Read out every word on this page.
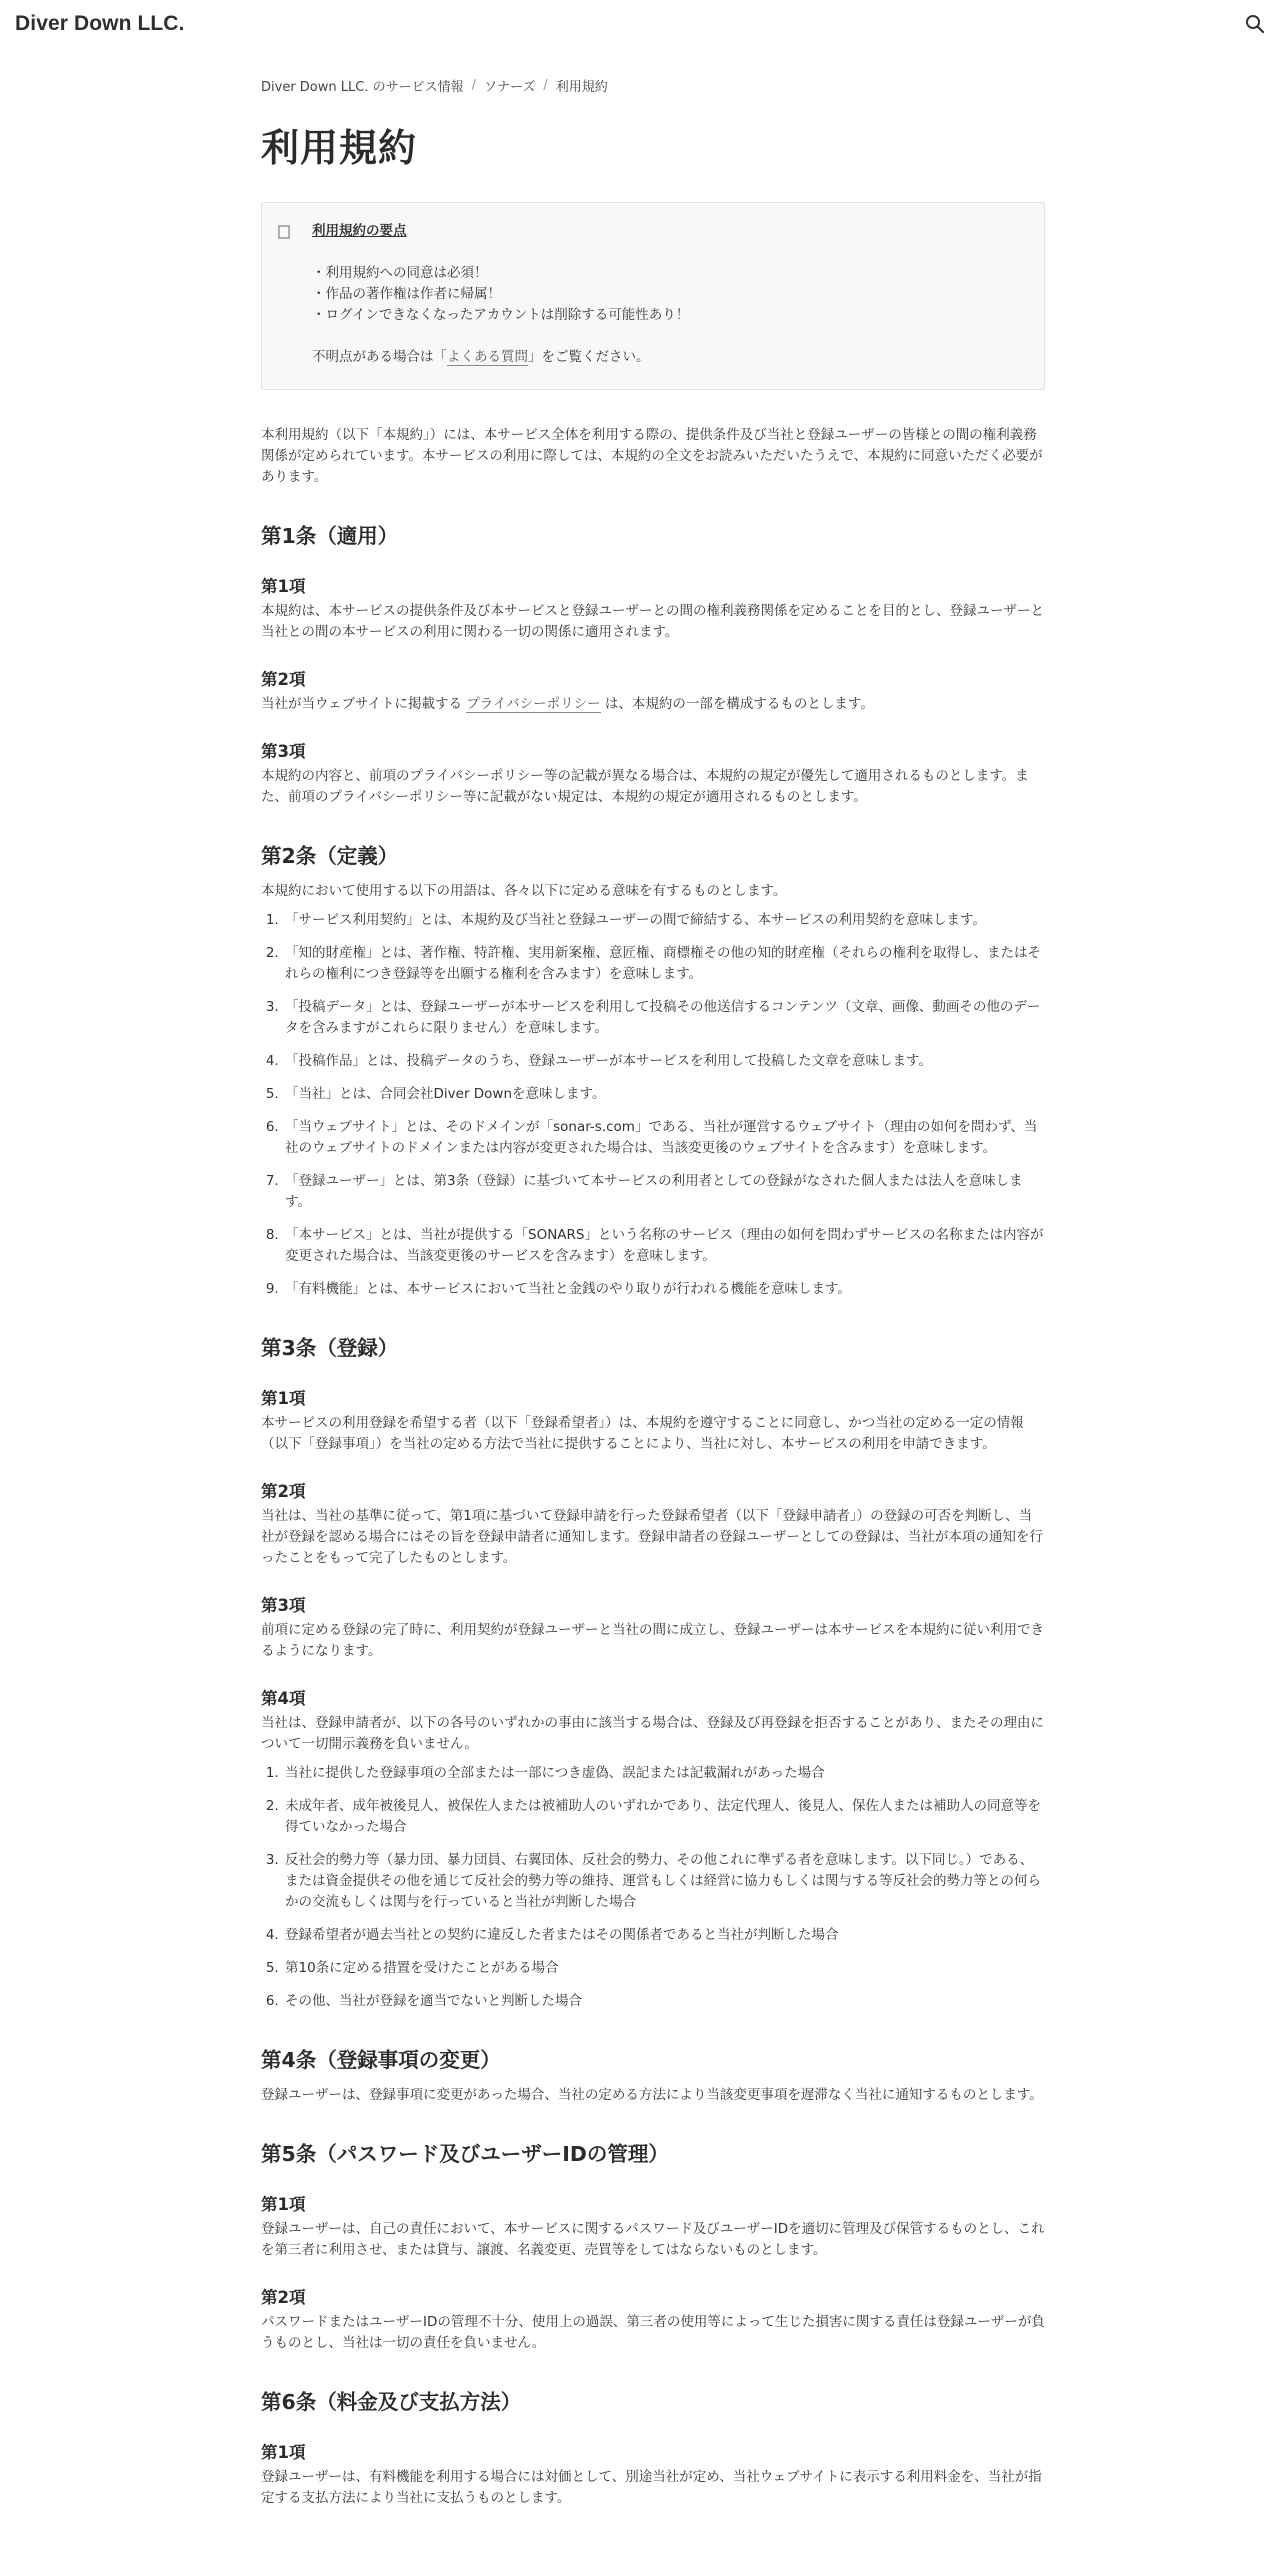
Diver Down LLC.
Diver Down LLC. のサービス情報 / ソナーズ / 利用規約
利用規約
利用規約の要点
・利用規約への同意は必須！
・作品の著作権は作者に帰属！
・ログインできなくなったアカウントは削除する可能性あり！
不明点がある場合は「よくある質問」をご覧ください。

本利用規約（以下「本規約」）には、本サービス全体を利用する際の、提供条件及び当社と登録ユーザーの皆様との間の権利義務関係が定められています。本サービスの利用に際しては、本規約の全文をお読みいただいたうえで、本規約に同意いただく必要があります。

第1条（適用）
第1項

本規約は、本サービスの提供条件及び本サービスと登録ユーザーとの間の権利義務関係を定めることを目的とし、登録ユーザーと当社との間の本サービスの利用に関わる一切の関係に適用されます。

第2項

当社が当ウェブサイトに掲載する プライバシーポリシー は、本規約の一部を構成するものとします。

第3項

本規約の内容と、前項のプライバシーポリシー等の記載が異なる場合は、本規約の規定が優先して適用されるものとします。また、前項のプライバシーポリシー等に記載がない規定は、本規約の規定が適用されるものとします。

第2条（定義）

本規約において使用する以下の用語は、各々以下に定める意味を有するものとします。

1. 「サービス利用契約」とは、本規約及び当社と登録ユーザーの間で締結する、本サービスの利用契約を意味します。
2. 「知的財産権」とは、著作権、特許権、実用新案権、意匠権、商標権その他の知的財産権（それらの権利を取得し、またはそれらの権利につき登録等を出願する権利を含みます）を意味します。
3. 「投稿データ」とは、登録ユーザーが本サービスを利用して投稿その他送信するコンテンツ（文章、画像、動画その他のデータを含みますがこれらに限りません）を意味します。
4. 「投稿作品」とは、投稿データのうち、登録ユーザーが本サービスを利用して投稿した文章を意味します。
5. 「当社」とは、合同会社Diver Downを意味します。
6. 「当ウェブサイト」とは、そのドメインが「sonar-s.com」である、当社が運営するウェブサイト（理由の如何を問わず、当社のウェブサイトのドメインまたは内容が変更された場合は、当該変更後のウェブサイトを含みます）を意味します。
7. 「登録ユーザー」とは、第3条（登録）に基づいて本サービスの利用者としての登録がなされた個人または法人を意味します。
8. 「本サービス」とは、当社が提供する「SONARS」という名称のサービス（理由の如何を問わずサービスの名称または内容が変更された場合は、当該変更後のサービスを含みます）を意味します。
9. 「有料機能」とは、本サービスにおいて当社と金銭のやり取りが行われる機能を意味します。
第3条（登録）
第1項

本サービスの利用登録を希望する者（以下「登録希望者」）は、本規約を遵守することに同意し、かつ当社の定める一定の情報（以下「登録事項」）を当社の定める方法で当社に提供することにより、当社に対し、本サービスの利用を申請できます。

第2項

当社は、当社の基準に従って、第1項に基づいて登録申請を行った登録希望者（以下「登録申請者」）の登録の可否を判断し、当社が登録を認める場合にはその旨を登録申請者に通知します。登録申請者の登録ユーザーとしての登録は、当社が本項の通知を行ったことをもって完了したものとします。

第3項

前項に定める登録の完了時に、利用契約が登録ユーザーと当社の間に成立し、登録ユーザーは本サービスを本規約に従い利用できるようになります。

第4項

当社は、登録申請者が、以下の各号のいずれかの事由に該当する場合は、登録及び再登録を拒否することがあり、またその理由について一切開示義務を負いません。

1. 当社に提供した登録事項の全部または一部につき虚偽、誤記または記載漏れがあった場合
2. 未成年者、成年被後見人、被保佐人または被補助人のいずれかであり、法定代理人、後見人、保佐人または補助人の同意等を得ていなかった場合
3. 反社会的勢力等（暴力団、暴力団員、右翼団体、反社会的勢力、その他これに準ずる者を意味します。以下同じ。）である、または資金提供その他を通じて反社会的勢力等の維持、運営もしくは経営に協力もしくは関与する等反社会的勢力等との何らかの交流もしくは関与を行っていると当社が判断した場合
4. 登録希望者が過去当社との契約に違反した者またはその関係者であると当社が判断した場合
5. 第10条に定める措置を受けたことがある場合
6. その他、当社が登録を適当でないと判断した場合
第4条（登録事項の変更）

登録ユーザーは、登録事項に変更があった場合、当社の定める方法により当該変更事項を遅滞なく当社に通知するものとします。

第5条（パスワード及びユーザーIDの管理）
第1項

登録ユーザーは、自己の責任において、本サービスに関するパスワード及びユーザーIDを適切に管理及び保管するものとし、これを第三者に利用させ、または貸与、譲渡、名義変更、売買等をしてはならないものとします。

第2項

パスワードまたはユーザーIDの管理不十分、使用上の過誤、第三者の使用等によって生じた損害に関する責任は登録ユーザーが負うものとし、当社は一切の責任を負いません。

第6条（料金及び支払方法）
第1項

登録ユーザーは、有料機能を利用する場合には対価として、別途当社が定め、当社ウェブサイトに表示する利用料金を、当社が指定する支払方法により当社に支払うものとします。
